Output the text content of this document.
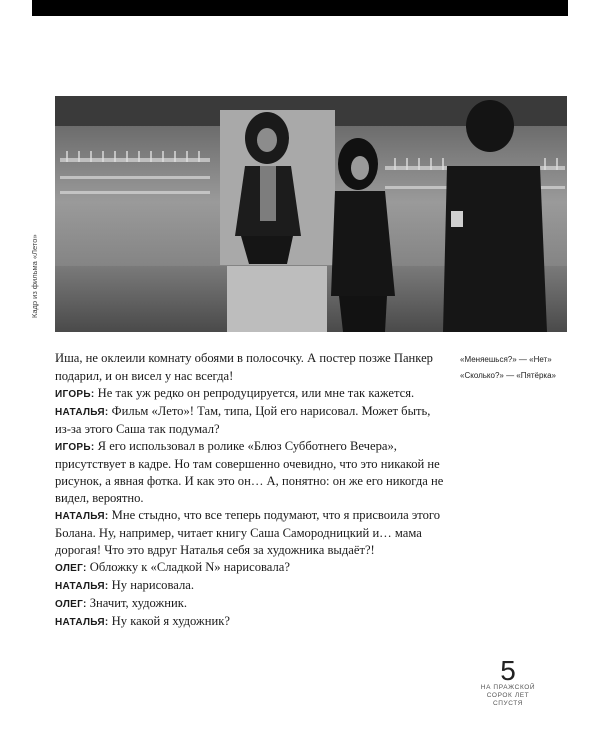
Кадр из фильма «Лето»

Иша, не оклеили комнату обоями в полосочку. А постер позже Панкер подарил, и он висел у нас всегда!

ИГОРЬ: Не так уж редко он репродуцируется, или мне так кажется.

НАТАЛЬЯ: Фильм «Лето»! Там, типа, Цой его нарисовал. Может быть, из-за этого Саша так подумал?

ИГОРЬ: Я его использовал в ролике «Блюз Субботнего Вечера», присутствует в кадре. Но там совершенно очевидно, что это никакой не рисунок, а явная фотка. И как это он… А, понятно: он же его никогда не видел, вероятно.

НАТАЛЬЯ: Мне стыдно, что все теперь подумают, что я присвоила этого Болана. Ну, например, читает книгу Саша Самородницкий и… мама дорогая! Что это вдруг Наталья себя за художника выдаёт?!

ОЛЕГ: Обложку к «Сладкой N» нарисовала?

НАТАЛЬЯ: Ну нарисовала.

ОЛЕГ: Значит, художник.

НАТАЛЬЯ: Ну какой я художник?

«Меняешься?» — «Нет»

«Сколько?» — «Пятёрка»

5
НА ПРАЖСКОЙ
СОРОК ЛЕТ
СПУСТЯ
